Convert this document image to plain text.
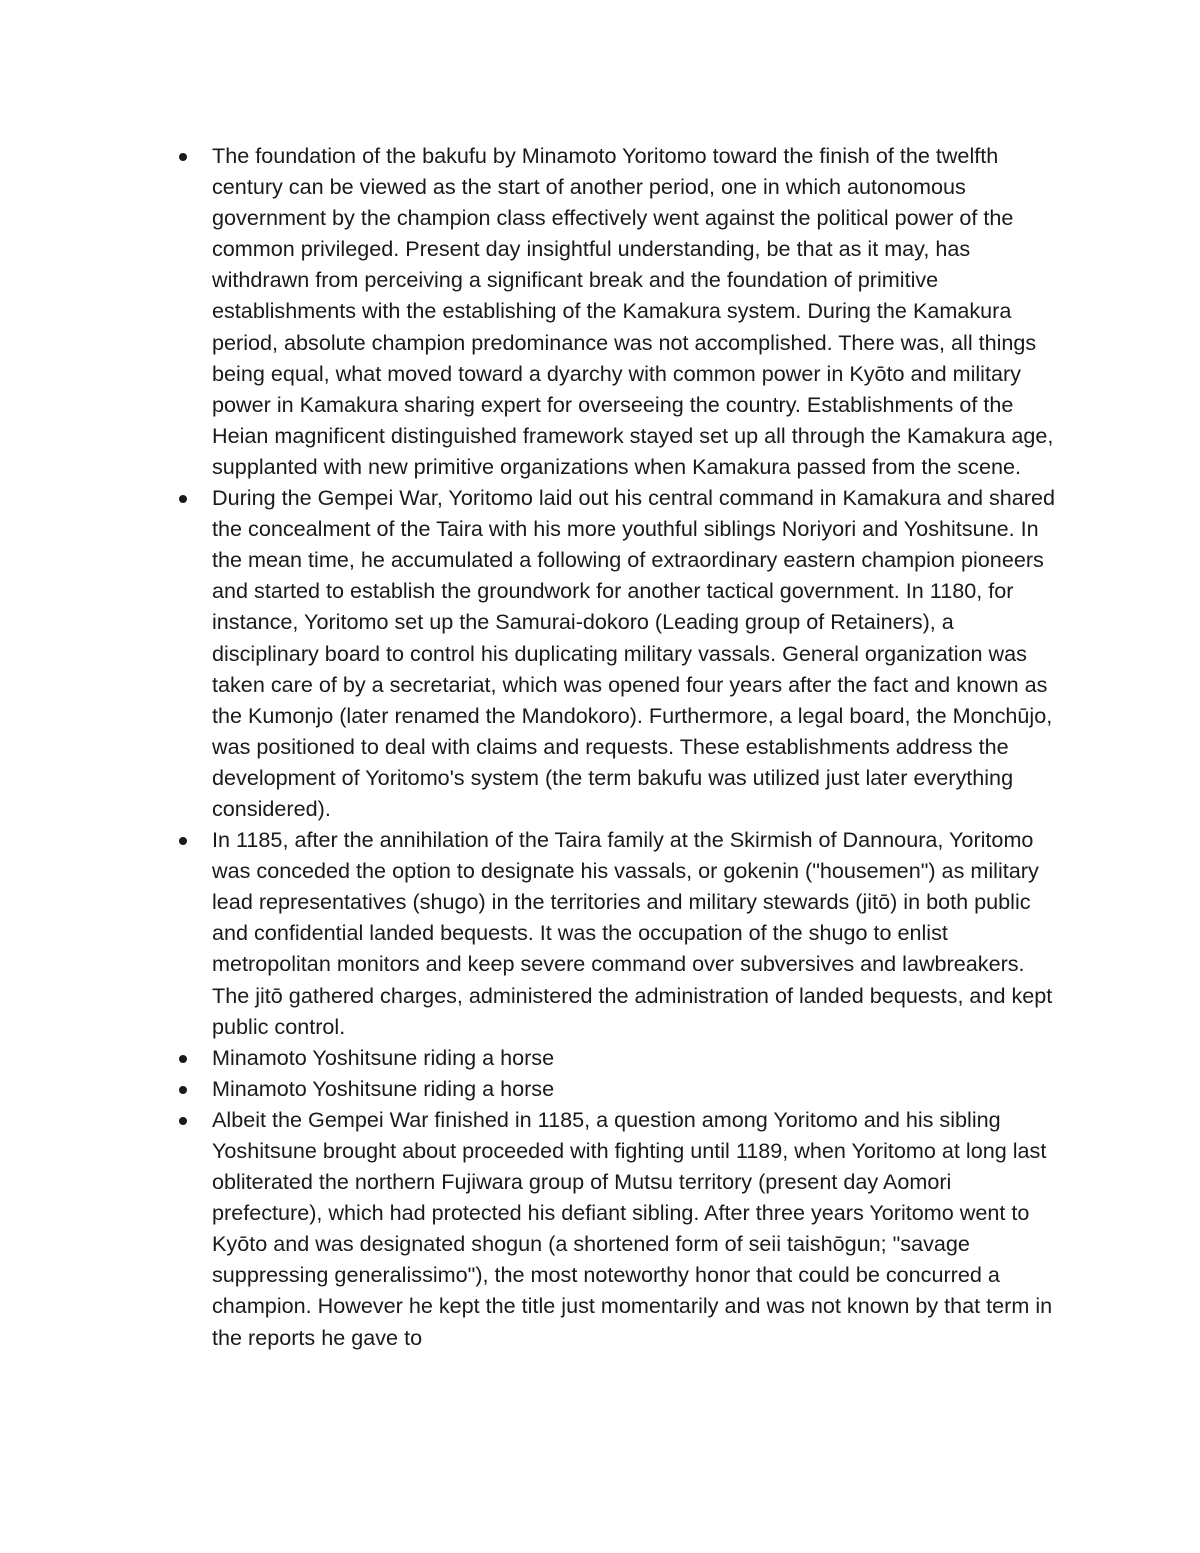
The foundation of the bakufu by Minamoto Yoritomo toward the finish of the twelfth century can be viewed as the start of another period, one in which autonomous government by the champion class effectively went against the political power of the common privileged. Present day insightful understanding, be that as it may, has withdrawn from perceiving a significant break and the foundation of primitive establishments with the establishing of the Kamakura system. During the Kamakura period, absolute champion predominance was not accomplished. There was, all things being equal, what moved toward a dyarchy with common power in Kyōto and military power in Kamakura sharing expert for overseeing the country. Establishments of the Heian magnificent distinguished framework stayed set up all through the Kamakura age, supplanted with new primitive organizations when Kamakura passed from the scene.
During the Gempei War, Yoritomo laid out his central command in Kamakura and shared the concealment of the Taira with his more youthful siblings Noriyori and Yoshitsune. In the mean time, he accumulated a following of extraordinary eastern champion pioneers and started to establish the groundwork for another tactical government. In 1180, for instance, Yoritomo set up the Samurai-dokoro (Leading group of Retainers), a disciplinary board to control his duplicating military vassals. General organization was taken care of by a secretariat, which was opened four years after the fact and known as the Kumonjo (later renamed the Mandokoro). Furthermore, a legal board, the Monchūjo, was positioned to deal with claims and requests. These establishments address the development of Yoritomo's system (the term bakufu was utilized just later everything considered).
In 1185, after the annihilation of the Taira family at the Skirmish of Dannoura, Yoritomo was conceded the option to designate his vassals, or gokenin ("housemen") as military lead representatives (shugo) in the territories and military stewards (jitō) in both public and confidential landed bequests. It was the occupation of the shugo to enlist metropolitan monitors and keep severe command over subversives and lawbreakers. The jitō gathered charges, administered the administration of landed bequests, and kept public control.
Minamoto Yoshitsune riding a horse
Minamoto Yoshitsune riding a horse
Albeit the Gempei War finished in 1185, a question among Yoritomo and his sibling Yoshitsune brought about proceeded with fighting until 1189, when Yoritomo at long last obliterated the northern Fujiwara group of Mutsu territory (present day Aomori prefecture), which had protected his defiant sibling. After three years Yoritomo went to Kyōto and was designated shogun (a shortened form of seii taishōgun; "savage suppressing generalissimo"), the most noteworthy honor that could be concurred a champion. However he kept the title just momentarily and was not known by that term in the reports he gave to
